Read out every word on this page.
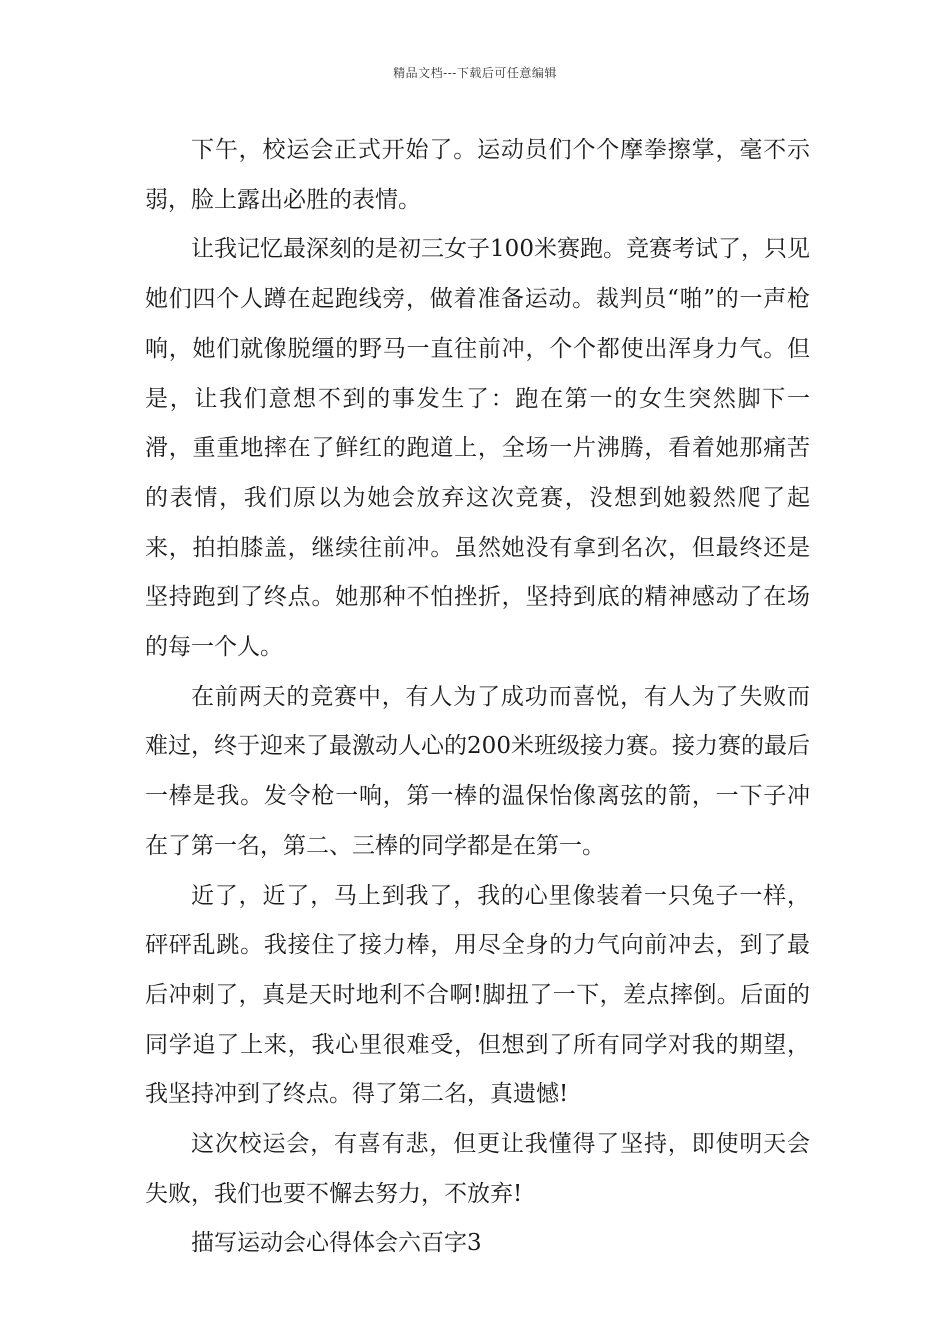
精品文档---下载后可任意编辑

下午，校运会正式开始了。运动员们个个摩拳擦掌，毫不示弱，脸上露出必胜的表情。

让我记忆最深刻的是初三女子100米赛跑。竞赛考试了，只见她们四个人蹲在起跑线旁，做着准备运动。裁判员“啪”的一声枪响，她们就像脱缰的野马一直往前冲，个个都使出浑身力气。但是，让我们意想不到的事发生了：跑在第一的女生突然脚下一滑，重重地摔在了鲜红的跑道上，全场一片沸腾，看着她那痛苦的表情，我们原以为她会放弃这次竞赛，没想到她毅然爬了起来，拍拍膝盖，继续往前冲。虽然她没有拿到名次，但最终还是坚持跑到了终点。她那种不怕挫折，坚持到底的精神感动了在场的每一个人。

在前两天的竞赛中，有人为了成功而喜悦，有人为了失败而难过，终于迎来了最激动人心的200米班级接力赛。接力赛的最后一棒是我。发令枪一响，第一棒的温保怡像离弦的箭，一下子冲在了第一名，第二、三棒的同学都是在第一。

近了，近了，马上到我了，我的心里像装着一只兔子一样，砰砰乱跳。我接住了接力棒，用尽全身的力气向前冲去，到了最后冲刺了，真是天时地利不合啊!脚扭了一下，差点摔倒。后面的同学追了上来，我心里很难受，但想到了所有同学对我的期望，我坚持冲到了终点。得了第二名，真遗憾!

这次校运会，有喜有悲，但更让我懂得了坚持，即使明天会失败，我们也要不懈去努力，不放弃!

描写运动会心得体会六百字3
